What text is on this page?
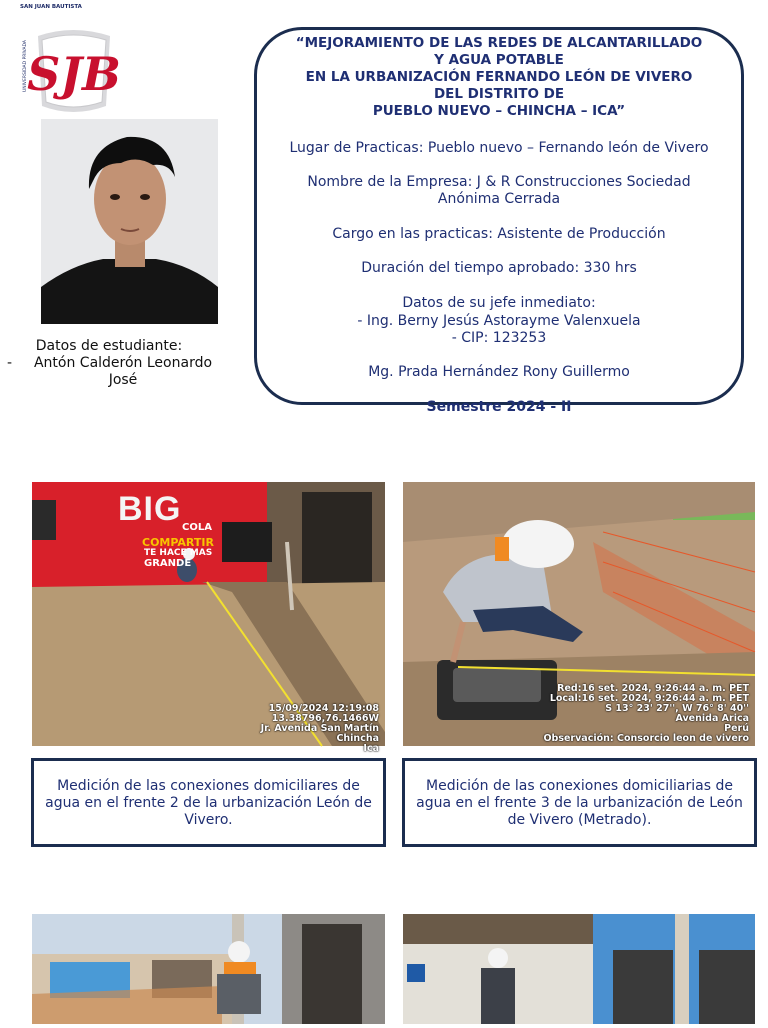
SAN JUAN BAUTISTA
UNIVERSIDAD PRIVADA SJB
Datos de estudiante:
-	Antón Calderón Leonardo José
“MEJORAMIENTO DE LAS REDES DE ALCANTARILLADO
Y AGUA POTABLE
EN LA URBANIZACIÓN FERNANDO LEÓN DE VIVERO
DEL DISTRITO DE
PUEBLO NUEVO – CHINCHA – ICA”
Lugar de Practicas: Pueblo nuevo – Fernando león de Vivero
Nombre de la Empresa: J & R Construcciones Sociedad Anónima Cerrada
Cargo en las practicas: Asistente de Producción
Duración del tiempo aprobado: 330 hrs
Datos de su jefe inmediato:
- Ing. Berny Jesús Astorayme Valenxuela
- CIP: 123253
Mg. Prada Hernández Rony Guillermo
Semestre 2024 - II
BIG COLA
COMPARTIR
TE HACE MAS
GRANDE
15/09/2024 12:19:08
13.38796,76.1466W
Jr. Avenida San Martín
Chincha
Ica
Red:16 set. 2024, 9:26:44 a. m. PET
Local:16 set. 2024, 9:26:44 a. m. PET
S 13° 23' 27'', W 76° 8' 40''
Avenida Arica
Perú
Observación: Consorcio leon de vivero
Medición de las conexiones domiciliares de agua en el frente 2 de la urbanización León de Vivero.
Medición de las conexiones domiciliarias de agua en el frente 3 de la urbanización de León de Vivero (Metrado).
